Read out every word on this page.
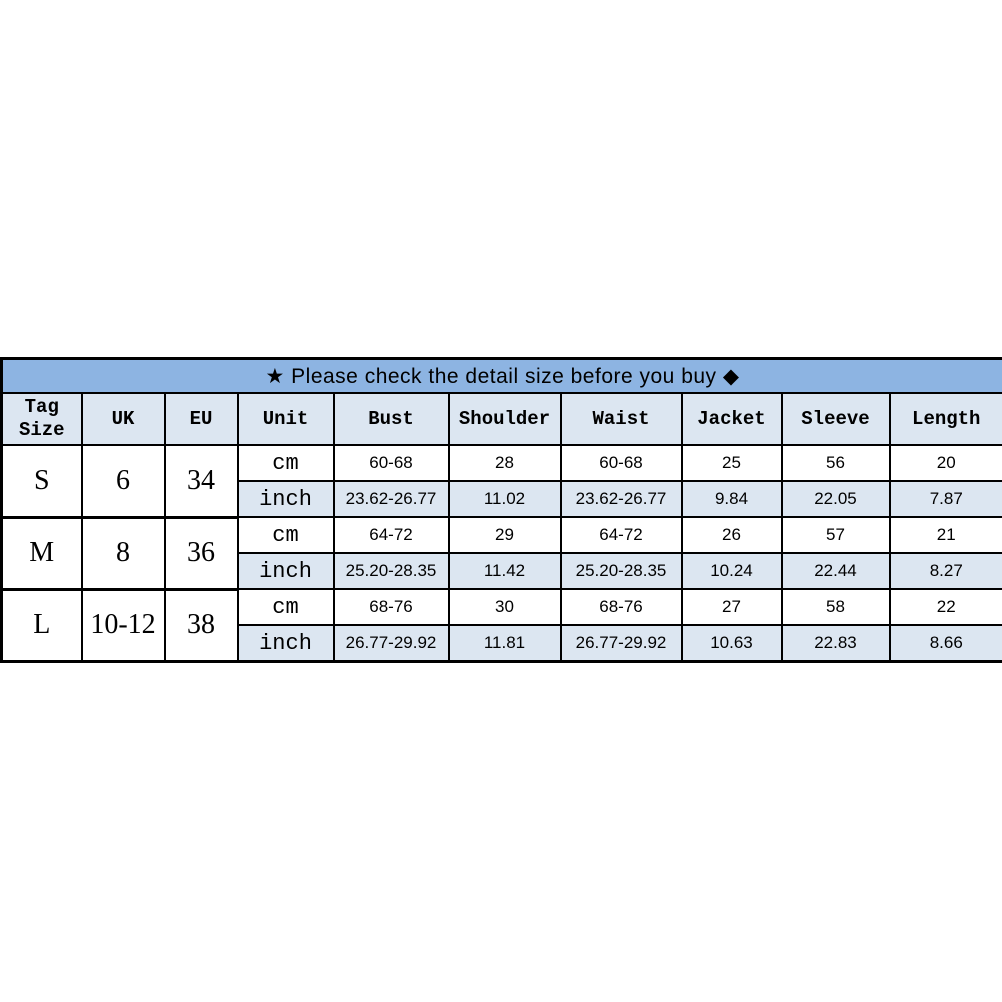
★ Please check the detail size before you buy ◆									
Tag Size	UK	EU	Unit	Bust	Shoulder	Waist	Jacket	Sleeve	Length
S	6	34	cm	60-68	28	60-68	25	56	20
			inch	23.62-26.77	11.02	23.62-26.77	9.84	22.05	7.87
M	8	36	cm	64-72	29	64-72	26	57	21
			inch	25.20-28.35	11.42	25.20-28.35	10.24	22.44	8.27
L	10-12	38	cm	68-76	30	68-76	27	58	22
			inch	26.77-29.92	11.81	26.77-29.92	10.63	22.83	8.66
